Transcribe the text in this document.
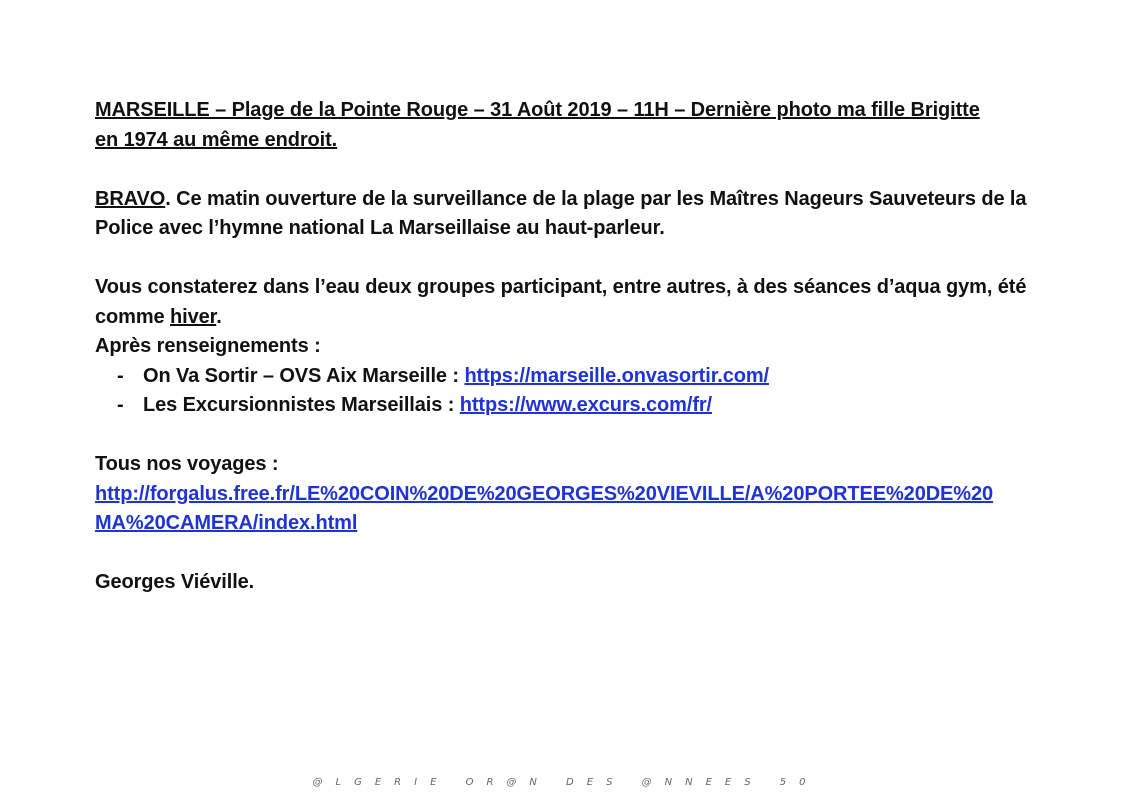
MARSEILLE – Plage de la Pointe Rouge – 31 Août 2019 – 11H – Dernière photo ma fille Brigitte
en 1974 au même endroit.

BRAVO. Ce matin ouverture de la surveillance de la plage par les Maîtres Nageurs Sauveteurs de la Police avec l’hymne national La Marseillaise au haut-parleur.

Vous constaterez dans l’eau deux groupes participant, entre autres, à des séances d’aqua gym, été comme hiver.

Après renseignements :

- On Va Sortir – OVS Aix Marseille : https://marseille.onvasortir.com/
- Les Excursionnistes Marseillais : https://www.excurs.com/fr/

Tous nos voyages :

http://forgalus.free.fr/LE%20COIN%20DE%20GEORGES%20VIEVILLE/A%20PORTEE%20DE%20
MA%20CAMERA/index.html

Georges Viéville.

@LGERIE OR@N DES @NNEES 50
